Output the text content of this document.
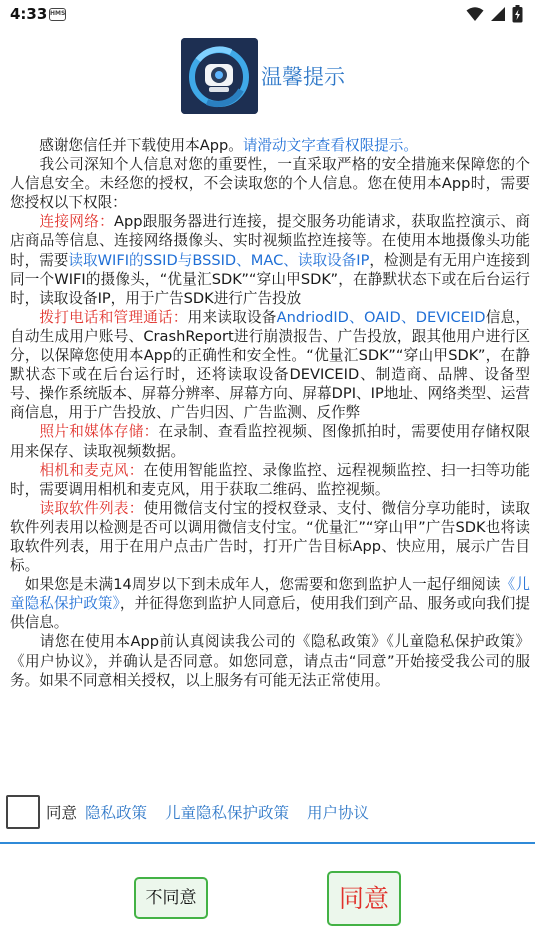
4:33 HMS
温馨提示

  感谢您信任并下载使用本App。请滑动文字查看权限提示。

  我公司深知个人信息对您的重要性，一直采取严格的安全措施来保障您的个人信息安全。未经您的授权，不会读取您的个人信息。您在使用本App时，需要您授权以下权限：

  连接网络：App跟服务器进行连接，提交服务功能请求，获取监控演示、商店商品等信息、连接网络摄像头、实时视频监控连接等。在使用本地摄像头功能时，需要读取WIFI的SSID与BSSID、MAC、读取设备IP，检测是有无用户连接到同一个WIFI的摄像头，“优量汇SDK”“穿山甲SDK”，在静默状态下或在后台运行时，读取设备IP，用于广告SDK进行广告投放

  拨打电话和管理通话：用来读取设备AndriodID、OAID、DEVICEID信息，自动生成用户账号、CrashReport进行崩溃报告、广告投放，跟其他用户进行区分，以保障您使用本App的正确性和安全性。“优量汇SDK”“穿山甲SDK”，在静默状态下或在后台运行时，还将读取设备DEVICEID、制造商、品牌、设备型号、操作系统版本、屏幕分辨率、屏幕方向、屏幕DPI、IP地址、网络类型、运营商信息，用于广告投放、广告归因、广告监测、反作弊

  照片和媒体存储：在录制、查看监控视频、图像抓拍时，需要使用存储权限用来保存、读取视频数据。

  相机和麦克风：在使用智能监控、录像监控、远程视频监控、扫一扫等功能时，需要调用相机和麦克风，用于获取二维码、监控视频。

  读取软件列表：使用微信支付宝的授权登录、支付、微信分享功能时，读取软件列表用以检测是否可以调用微信支付宝。“优量汇”“穿山甲”广告SDK也将读取软件列表，用于在用户点击广告时，打开广告目标App、快应用，展示广告目标。

 如果您是未满14周岁以下到未成年人，您需要和您到监护人一起仔细阅读《儿童隐私保护政策》，并征得您到监护人同意后，使用我们到产品、服务或向我们提供信息。

  请您在使用本App前认真阅读我公司的《隐私政策》《儿童隐私保护政策》《用户协议》，并确认是否同意。如您同意，请点击“同意”开始接受我公司的服务。如果不同意相关授权，以上服务有可能无法正常使用。

同意 隐私政策 儿童隐私保护政策 用户协议
不同意	同意
